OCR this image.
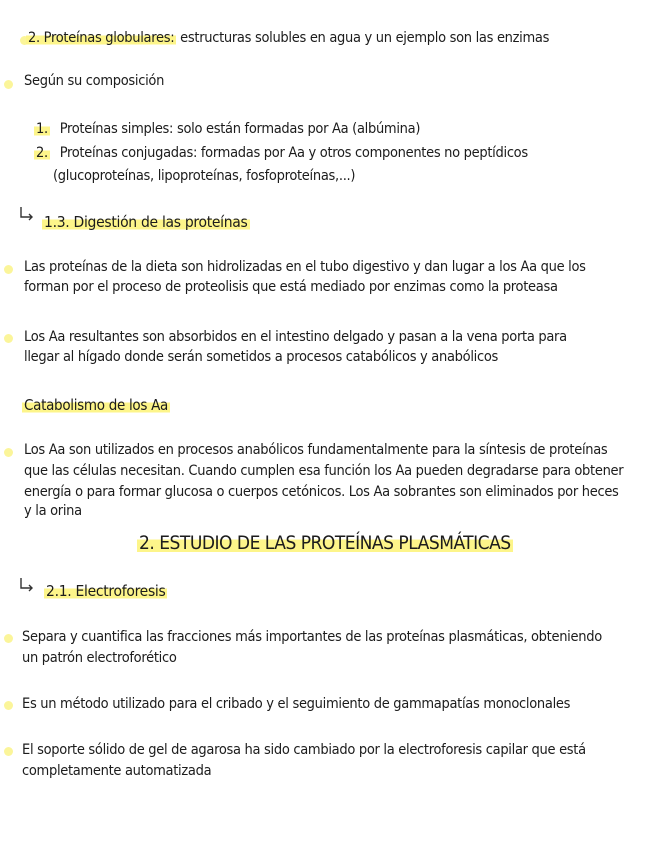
2. Proteínas globulares: estructuras solubles en agua y un ejemplo son las enzimas
Según su composición
1. Proteínas simples: solo están formadas por Aa (albúmina)
2. Proteínas conjugadas: formadas por Aa y otros componentes no peptídicos
(glucoproteínas, lipoproteínas, fosfoproteínas,...)
1.3. Digestión de las proteínas
Las proteínas de la dieta son hidrolizadas en el tubo digestivo y dan lugar a los Aa que los
forman por el proceso de proteolisis que está mediado por enzimas como la proteasa
Los Aa resultantes son absorbidos en el intestino delgado y pasan a la vena porta para
llegar al hígado donde serán sometidos a procesos catabólicos y anabólicos
Catabolismo de los Aa
Los Aa son utilizados en procesos anabólicos fundamentalmente para la síntesis de proteínas
que las células necesitan. Cuando cumplen esa función los Aa pueden degradarse para obtener
energía o para formar glucosa o cuerpos cetónicos. Los Aa sobrantes son eliminados por heces
y la orina
2. ESTUDIO DE LAS PROTEÍNAS PLASMÁTICAS
2.1. Electroforesis
Separa y cuantifica las fracciones más importantes de las proteínas plasmáticas, obteniendo
un patrón electroforético
Es un método utilizado para el cribado y el seguimiento de gammapatías monoclonales
El soporte sólido de gel de agarosa ha sido cambiado por la electroforesis capilar que está
completamente automatizada
